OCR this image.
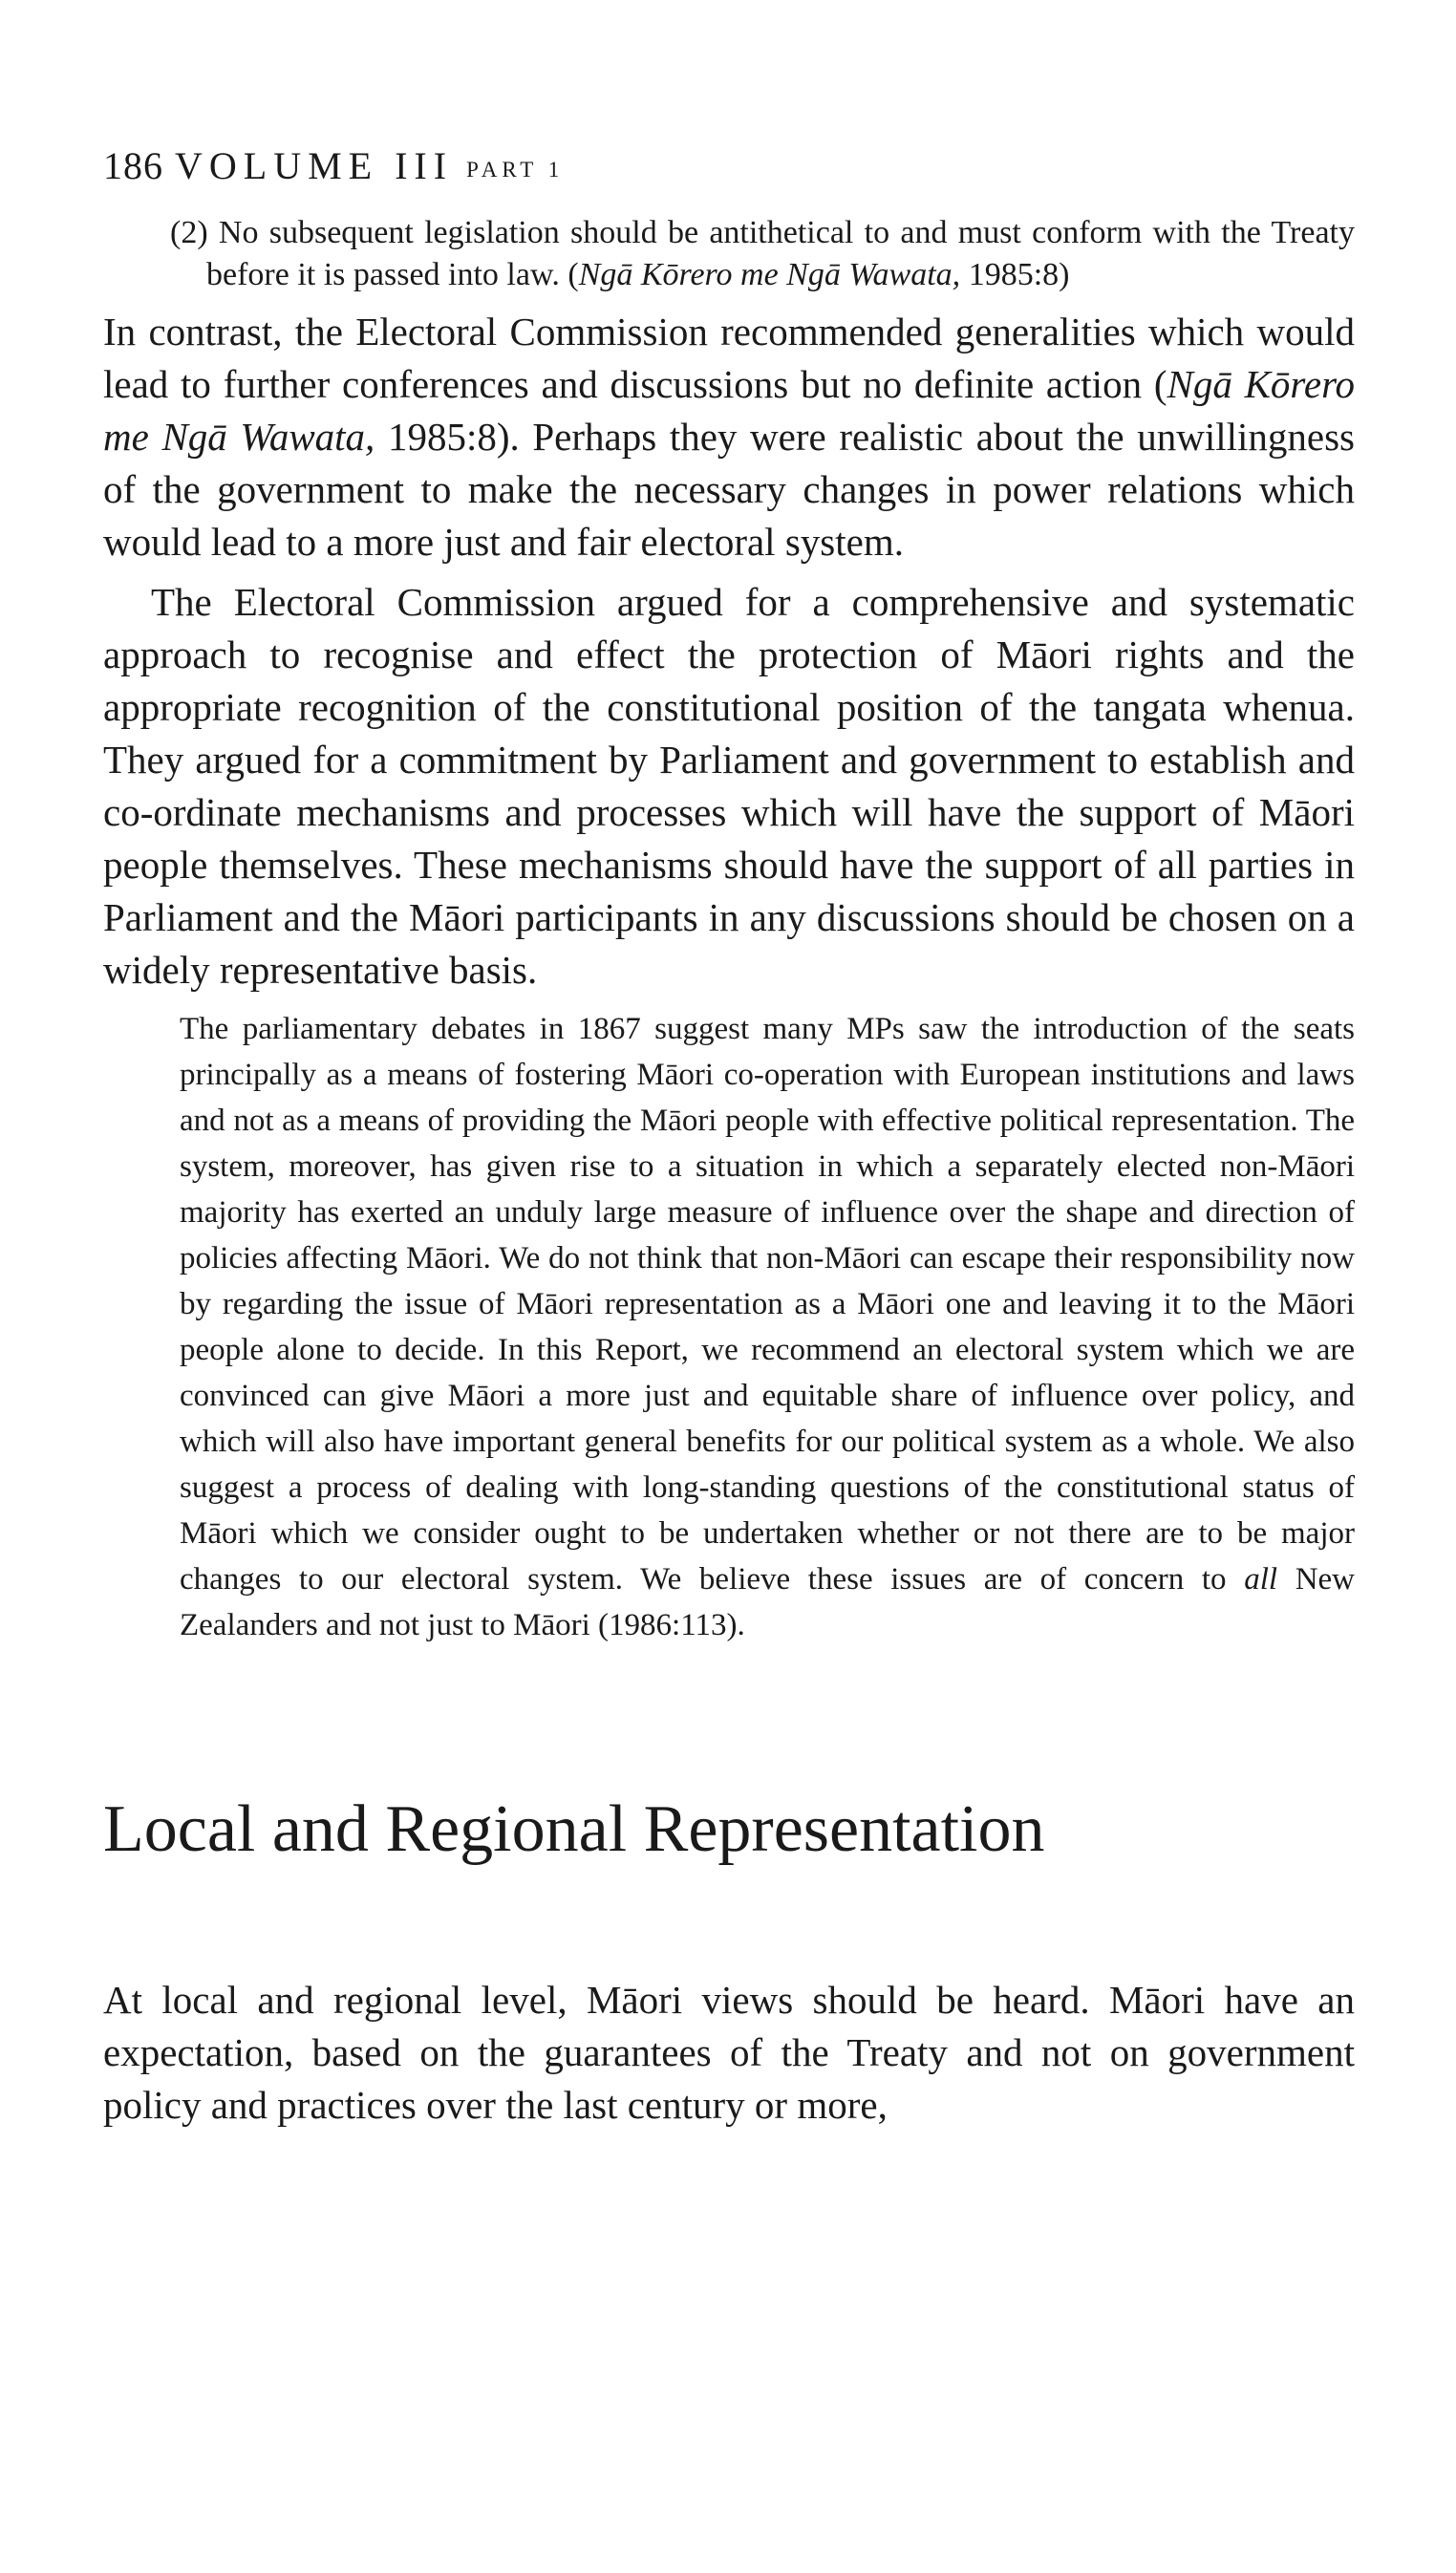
186 VOLUME III PART 1

(2) No subsequent legislation should be antithetical to and must conform with the Treaty before it is passed into law. (Ngā Kōrero me Ngā Wawata, 1985:8)

In contrast, the Electoral Commission recommended generalities which would lead to further conferences and discussions but no definite action (Ngā Kōrero me Ngā Wawata, 1985:8). Perhaps they were realistic about the unwillingness of the government to make the necessary changes in power relations which would lead to a more just and fair electoral system.

The Electoral Commission argued for a comprehensive and systematic approach to recognise and effect the protection of Māori rights and the appropriate recognition of the constitutional position of the tangata whenua. They argued for a commitment by Parliament and government to establish and co-ordinate mechanisms and processes which will have the support of Māori people themselves. These mechanisms should have the support of all parties in Parliament and the Māori participants in any discussions should be chosen on a widely representative basis.

The parliamentary debates in 1867 suggest many MPs saw the introduction of the seats principally as a means of fostering Māori co-operation with European institutions and laws and not as a means of providing the Māori people with effective political representation. The system, moreover, has given rise to a situation in which a separately elected non-Māori majority has exerted an unduly large measure of influence over the shape and direction of policies affecting Māori. We do not think that non-Māori can escape their responsibility now by regarding the issue of Māori representation as a Māori one and leaving it to the Māori people alone to decide. In this Report, we recommend an electoral system which we are convinced can give Māori a more just and equitable share of influence over policy, and which will also have important general benefits for our political system as a whole. We also suggest a process of dealing with long-standing questions of the constitutional status of Māori which we consider ought to be undertaken whether or not there are to be major changes to our electoral system. We believe these issues are of concern to all New Zealanders and not just to Māori (1986:113).

Local and Regional Representation

At local and regional level, Māori views should be heard. Māori have an expectation, based on the guarantees of the Treaty and not on government policy and practices over the last century or more,
